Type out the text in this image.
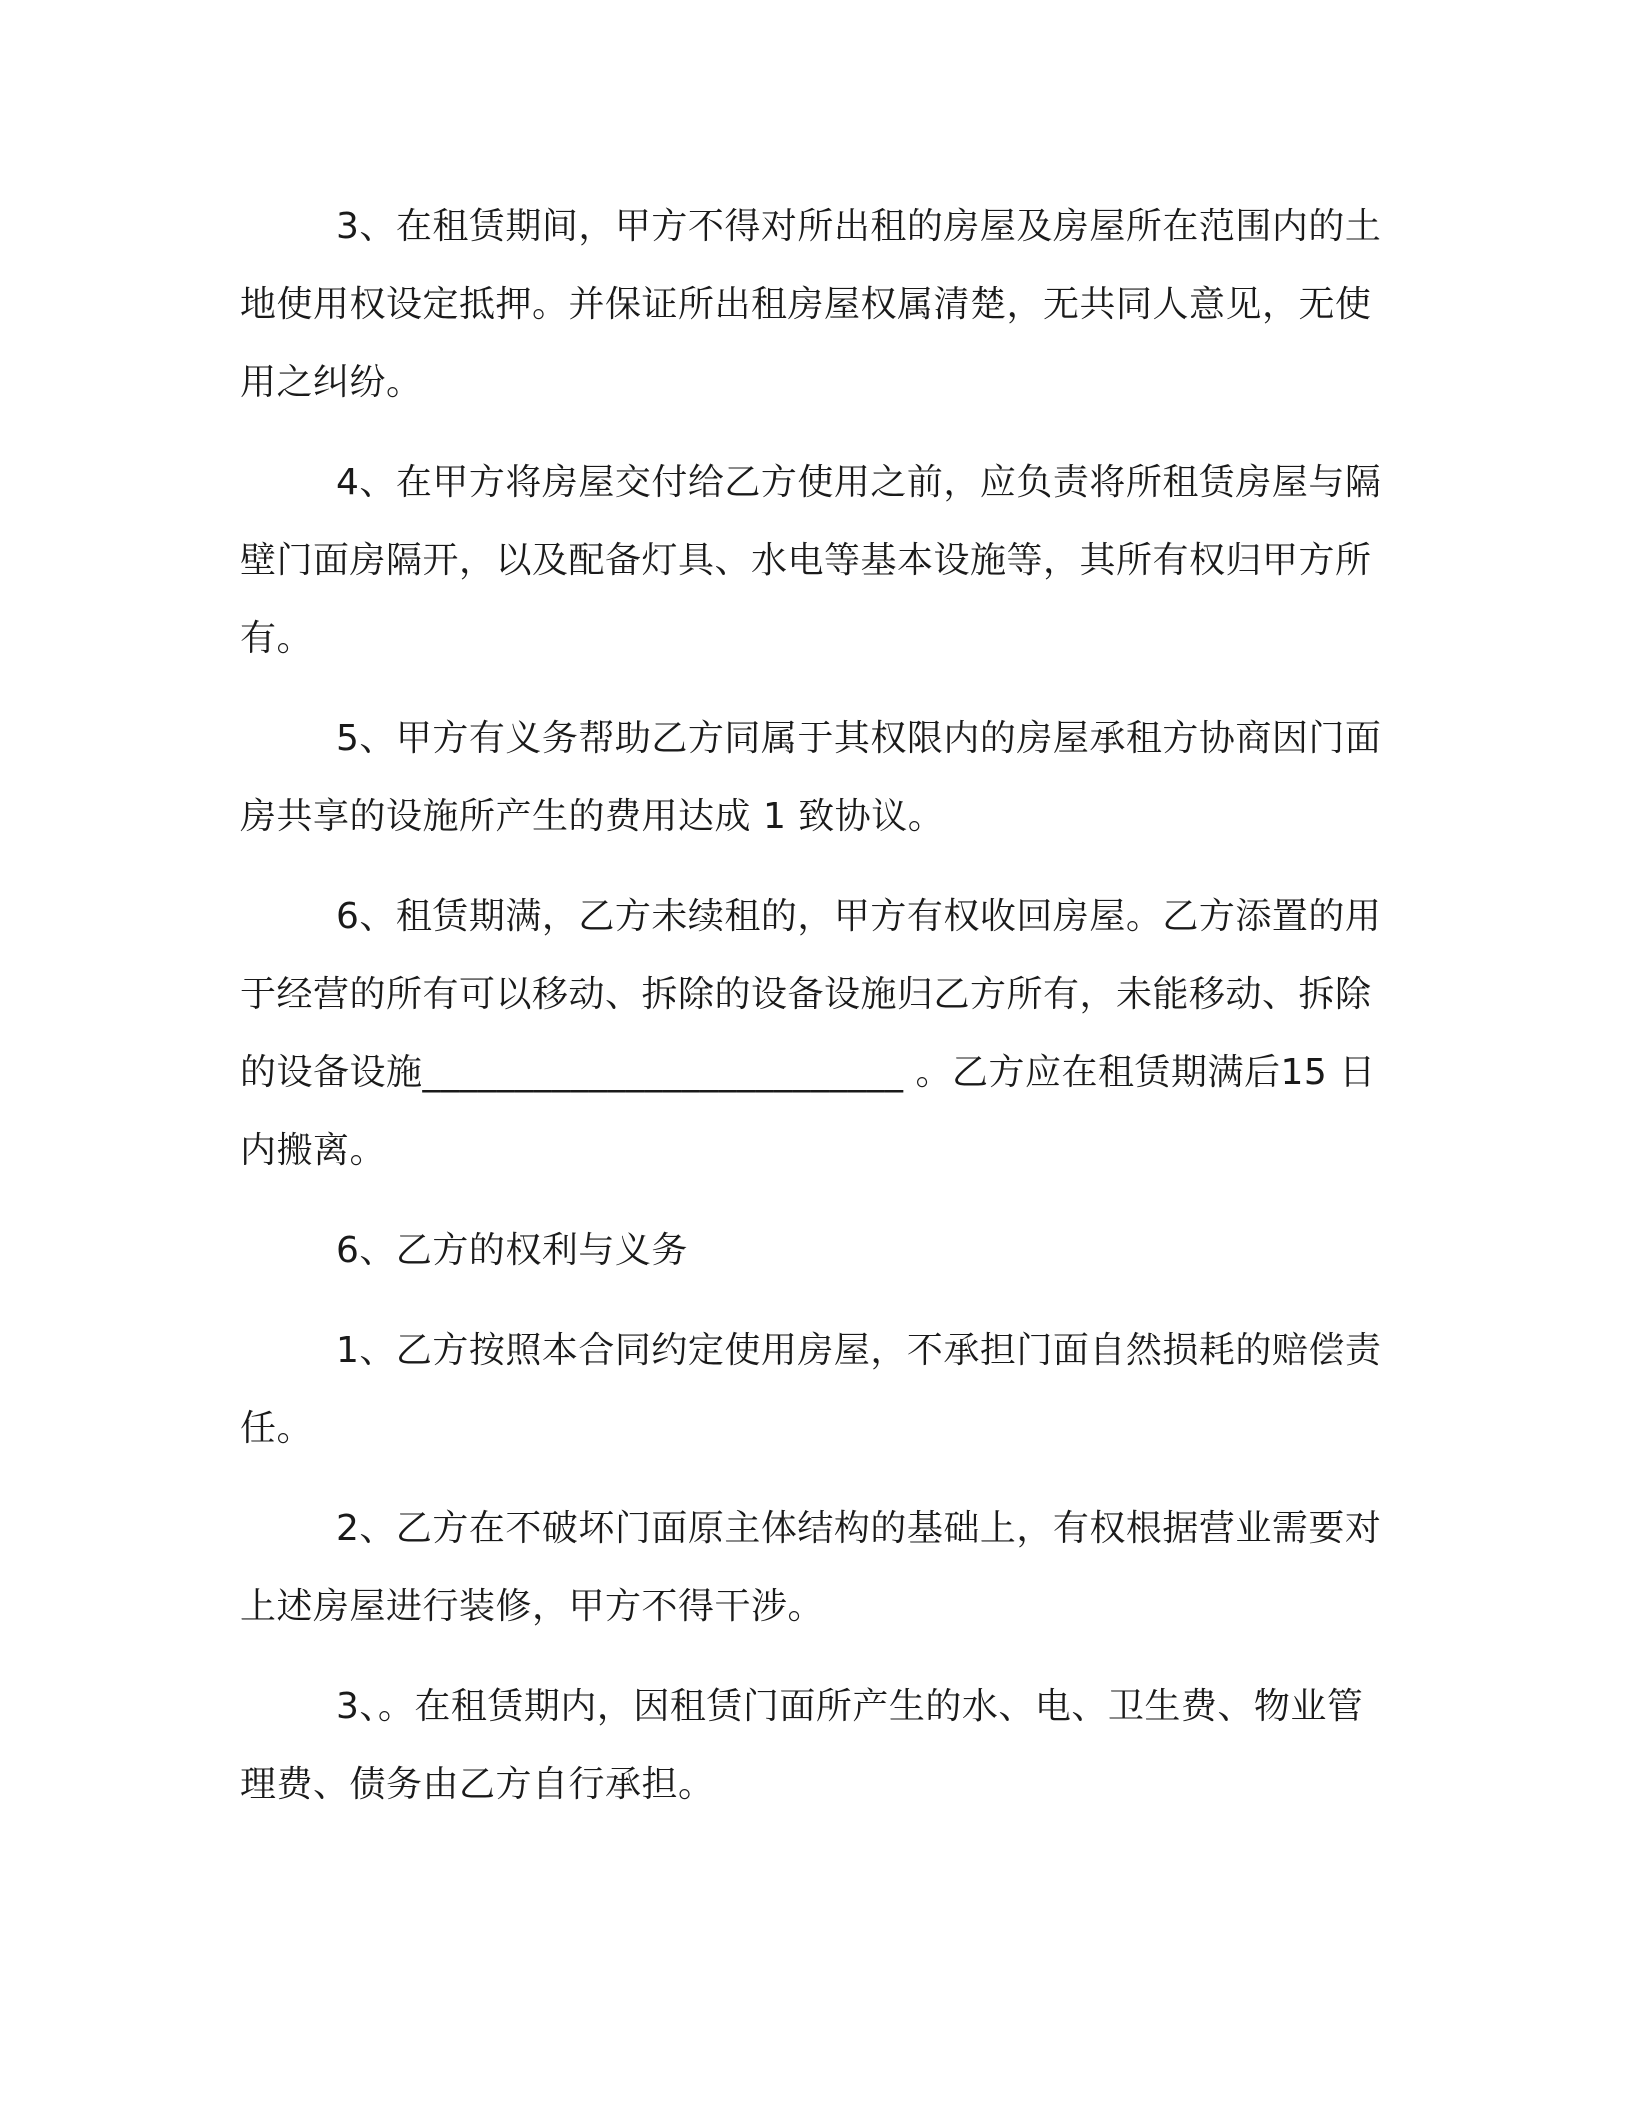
3、在租赁期间，甲方不得对所出租的房屋及房屋所在范围内的土地使用权设定抵押。并保证所出租房屋权属清楚，无共同人意见，无使用之纠纷。

4、在甲方将房屋交付给乙方使用之前，应负责将所租赁房屋与隔壁门面房隔开，以及配备灯具、水电等基本设施等，其所有权归甲方所有。

5、甲方有义务帮助乙方同属于其权限内的房屋承租方协商因门面房共享的设施所产生的费用达成 1 致协议。

6、租赁期满，乙方未续租的，甲方有权收回房屋。乙方添置的用于经营的所有可以移动、拆除的设备设施归乙方所有，未能移动、拆除的设备设施__________________________ 。乙方应在租赁期满后15 日内搬离。

6、乙方的权利与义务

1、乙方按照本合同约定使用房屋，不承担门面自然损耗的赔偿责任。

2、乙方在不破坏门面原主体结构的基础上，有权根据营业需要对上述房屋进行装修，甲方不得干涉。

3、。在租赁期内，因租赁门面所产生的水、电、卫生费、物业管理费、债务由乙方自行承担。
